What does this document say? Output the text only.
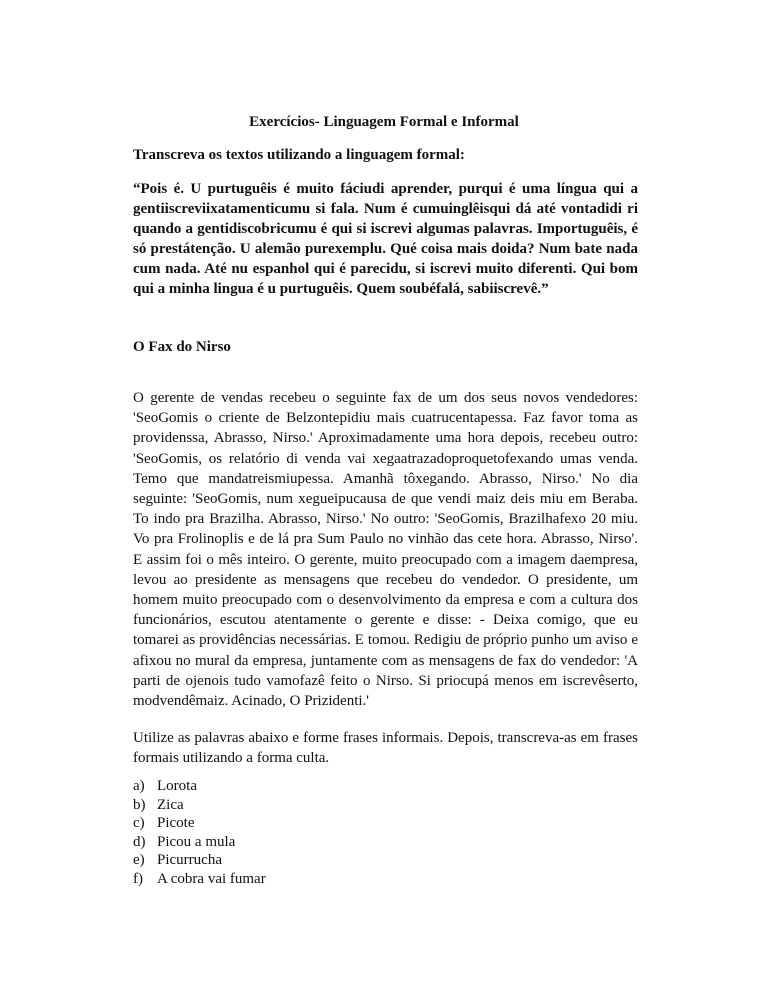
Exercícios- Linguagem Formal e Informal
Transcreva os textos utilizando a linguagem formal:

“Pois é. U purtuguêis é muito fáciudi aprender, purqui é uma língua qui a gentiiscreviixatamenticumu si fala. Num é cumuinglêisqui dá até vontadidi ri quando a gentidiscobricumu é qui si iscrevi algumas palavras. Importuguêis, é só prestátenção. U alemão purexemplu. Qué coisa mais doida? Num bate nada cum nada. Até nu espanhol qui é parecidu, si iscrevi muito diferenti. Qui bom qui a minha lingua é u purtuguêis. Quem soubéfalá, sabiiscrevê.”

O Fax do Nirso

O gerente de vendas recebeu o seguinte fax de um dos seus novos vendedores: 'SeoGomis o criente de Belzontepidiu mais cuatrucentapessa. Faz favor toma as providenssa, Abrasso, Nirso.' Aproximadamente uma hora depois, recebeu outro: 'SeoGomis, os relatório di venda vai xegaatrazadoproquetofexando umas venda. Temo que mandatreismiupessa. Amanhã tôxegando. Abrasso, Nirso.' No dia seguinte: 'SeoGomis, num xegueipucausa de que vendi maiz deis miu em Beraba. To indo pra Brazilha. Abrasso, Nirso.' No outro: 'SeoGomis, Brazilhafexo 20 miu. Vo pra Frolinoplis e de lá pra Sum Paulo no vinhão das cete hora. Abrasso, Nirso'. E assim foi o mês inteiro. O gerente, muito preocupado com a imagem daempresa, levou ao presidente as mensagens que recebeu do vendedor. O presidente, um homem muito preocupado com o desenvolvimento da empresa e com a cultura dos funcionários, escutou atentamente o gerente e disse: - Deixa comigo, que eu tomarei as providências necessárias. E tomou. Redigiu de próprio punho um aviso e afixou no mural da empresa, juntamente com as mensagens de fax do vendedor: 'A parti de ojenois tudo vamofazê feito o Nirso. Si priocupá menos em iscrevêserto, modvendêmaiz. Acinado, O Prizidenti.'

Utilize as palavras abaixo e forme frases informais. Depois, transcreva-as em frases formais utilizando a forma culta.

a) Lorota
b) Zica
c) Picote
d) Picou a mula
e) Picurrucha
f) A cobra vai fumar
